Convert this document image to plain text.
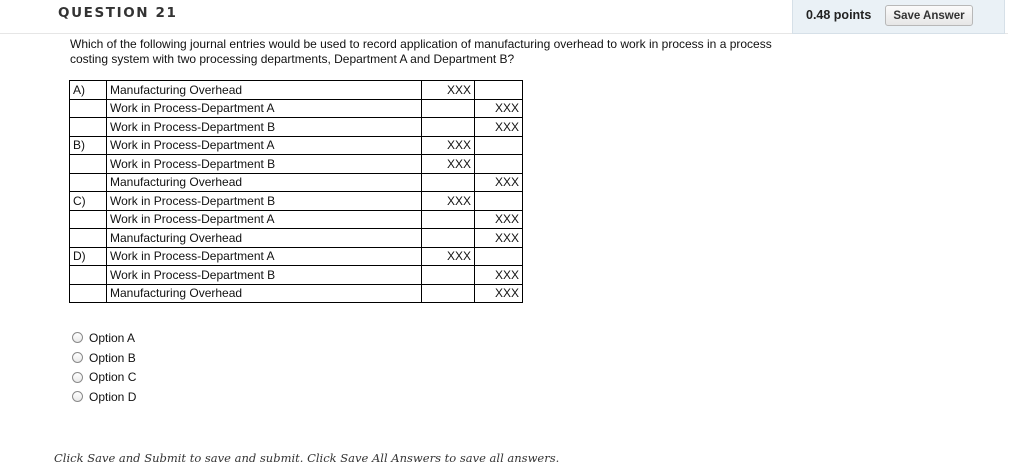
QUESTION 21	0.48 points	Save Answer
Which of the following journal entries would be used to record application of manufacturing overhead to work in process in a process costing system with two processing departments, Department A and Department B?
A)	Manufacturing Overhead	XXX	
	Work in Process-Department A		XXX
	Work in Process-Department B		XXX
B)	Work in Process-Department A	XXX	
	Work in Process-Department B	XXX	
	Manufacturing Overhead		XXX
C)	Work in Process-Department B	XXX	
	Work in Process-Department A		XXX
	Manufacturing Overhead		XXX
D)	Work in Process-Department A	XXX	
	Work in Process-Department B		XXX
	Manufacturing Overhead		XXX
Option A
Option B
Option C
Option D
Click Save and Submit to save and submit. Click Save All Answers to save all answers.
